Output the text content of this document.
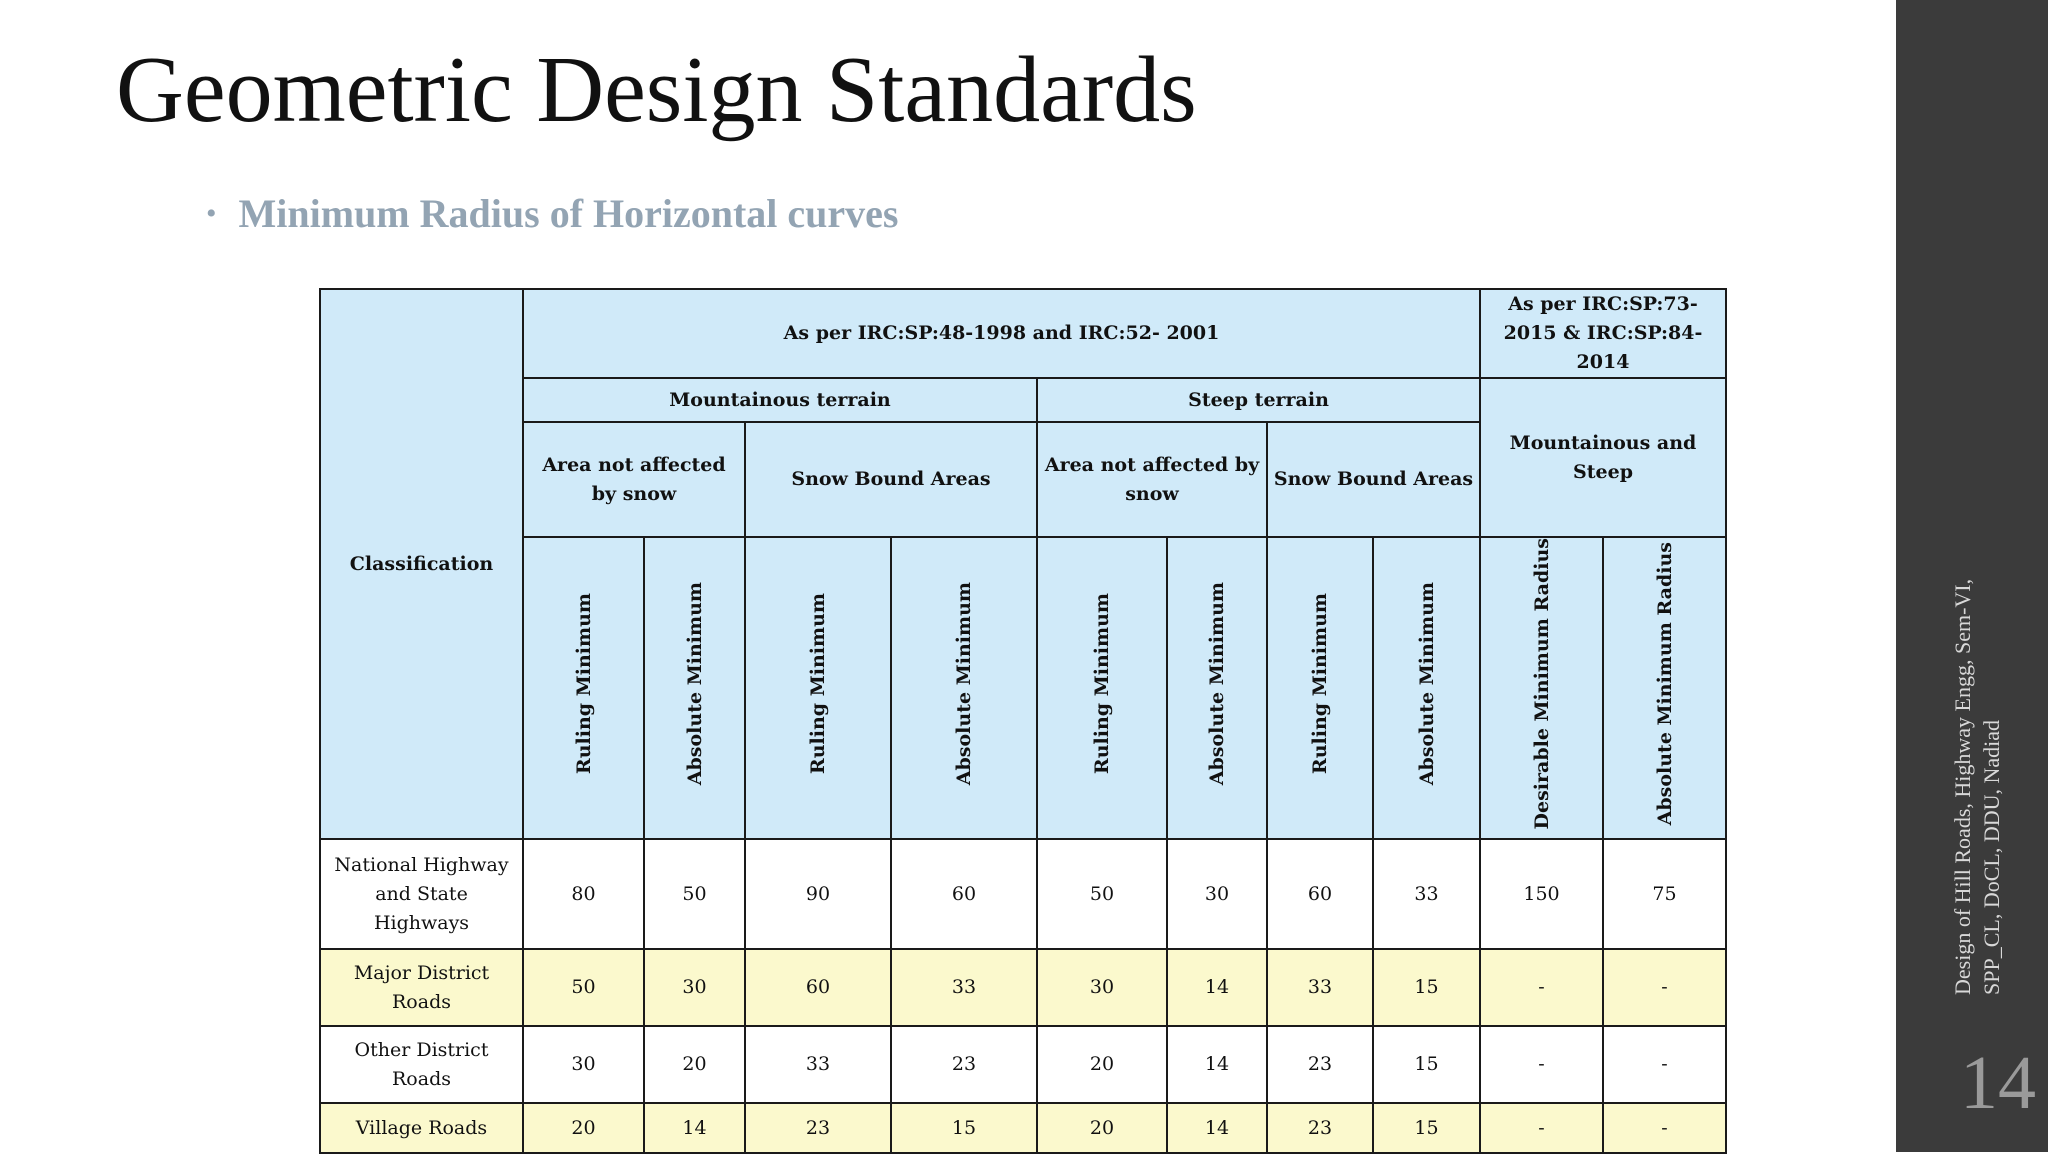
Geometric Design Standards
• Minimum Radius of Horizontal curves
Classification	As per IRC:SP:48-1998 and IRC:52- 2001								As per IRC:SP:73-2015 & IRC:SP:84-2014	
	Mountainous terrain				Steep terrain				Mountainous and Steep	
	Area not affected by snow		Snow Bound Areas		Area not affected by snow		Snow Bound Areas			
	Ruling Minimum	Absolute Minimum	Ruling Minimum	Absolute Minimum	Ruling Minimum	Absolute Minimum	Ruling Minimum	Absolute Minimum	Desirable Minimum Radius	Absolute Minimum Radius
National Highway and State Highways	80	50	90	60	50	30	60	33	150	75
Major District Roads	50	30	60	33	30	14	33	15	-	-
Other District Roads	30	20	33	23	20	14	23	15	-	-
Village Roads	20	14	23	15	20	14	23	15	-	-
Design of Hill Roads, Highway Engg, Sem-VI, SPP_CL, DoCL, DDU, Nadiad
14
